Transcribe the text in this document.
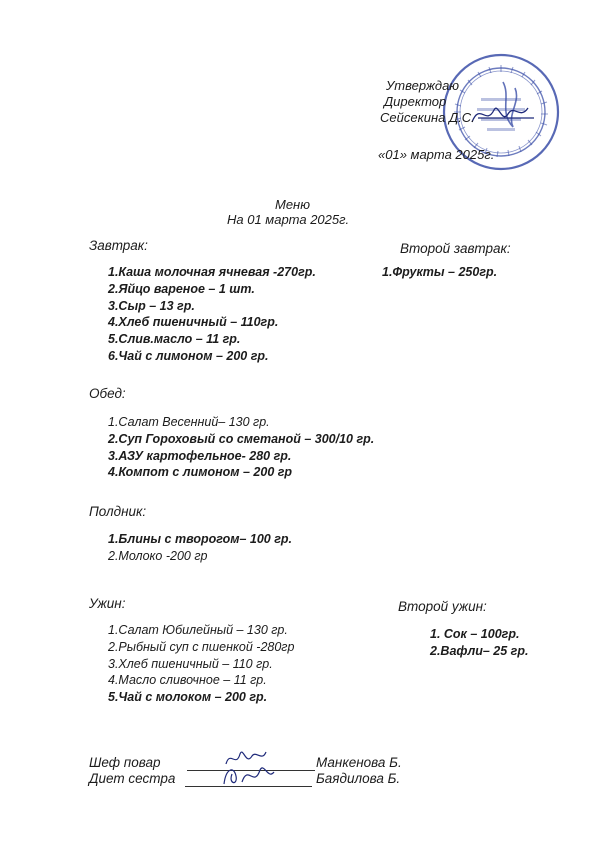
Утверждаю
Директор
Сейсекина Д.С.
«01» марта 2025г.
Меню
На 01 марта 2025г.
Завтрак:
1.Каша молочная ячневая -270гр.
2.Яйцо вареное – 1 шт.
3.Сыр – 13 гр.
4.Хлеб пшеничный – 110гр.
5.Слив.масло – 11 гр.
6.Чай с лимоном – 200 гр.
Второй завтрак:
1.Фрукты – 250гр.
Обед:
1.Салат Весенний– 130 гр.
2.Суп Гороховый со сметаной – 300/10 гр.
3.АЗУ картофельное- 280 гр.
4.Компот с лимоном – 200 гр
Полдник:
1.Блины с творогом– 100 гр.
2.Молоко -200 гр
Ужин:
1.Салат Юбилейный – 130 гр.
2.Рыбный суп с пшенкой -280гр
3.Хлеб пшеничный – 110 гр.
4.Масло сливочное – 11 гр.
5.Чай с молоком – 200 гр.
Второй ужин:
1. Сок – 100гр.
2.Вафли– 25 гр.
Шеф повар	Манкенова Б.
Диет сестра	Баядилова Б.
